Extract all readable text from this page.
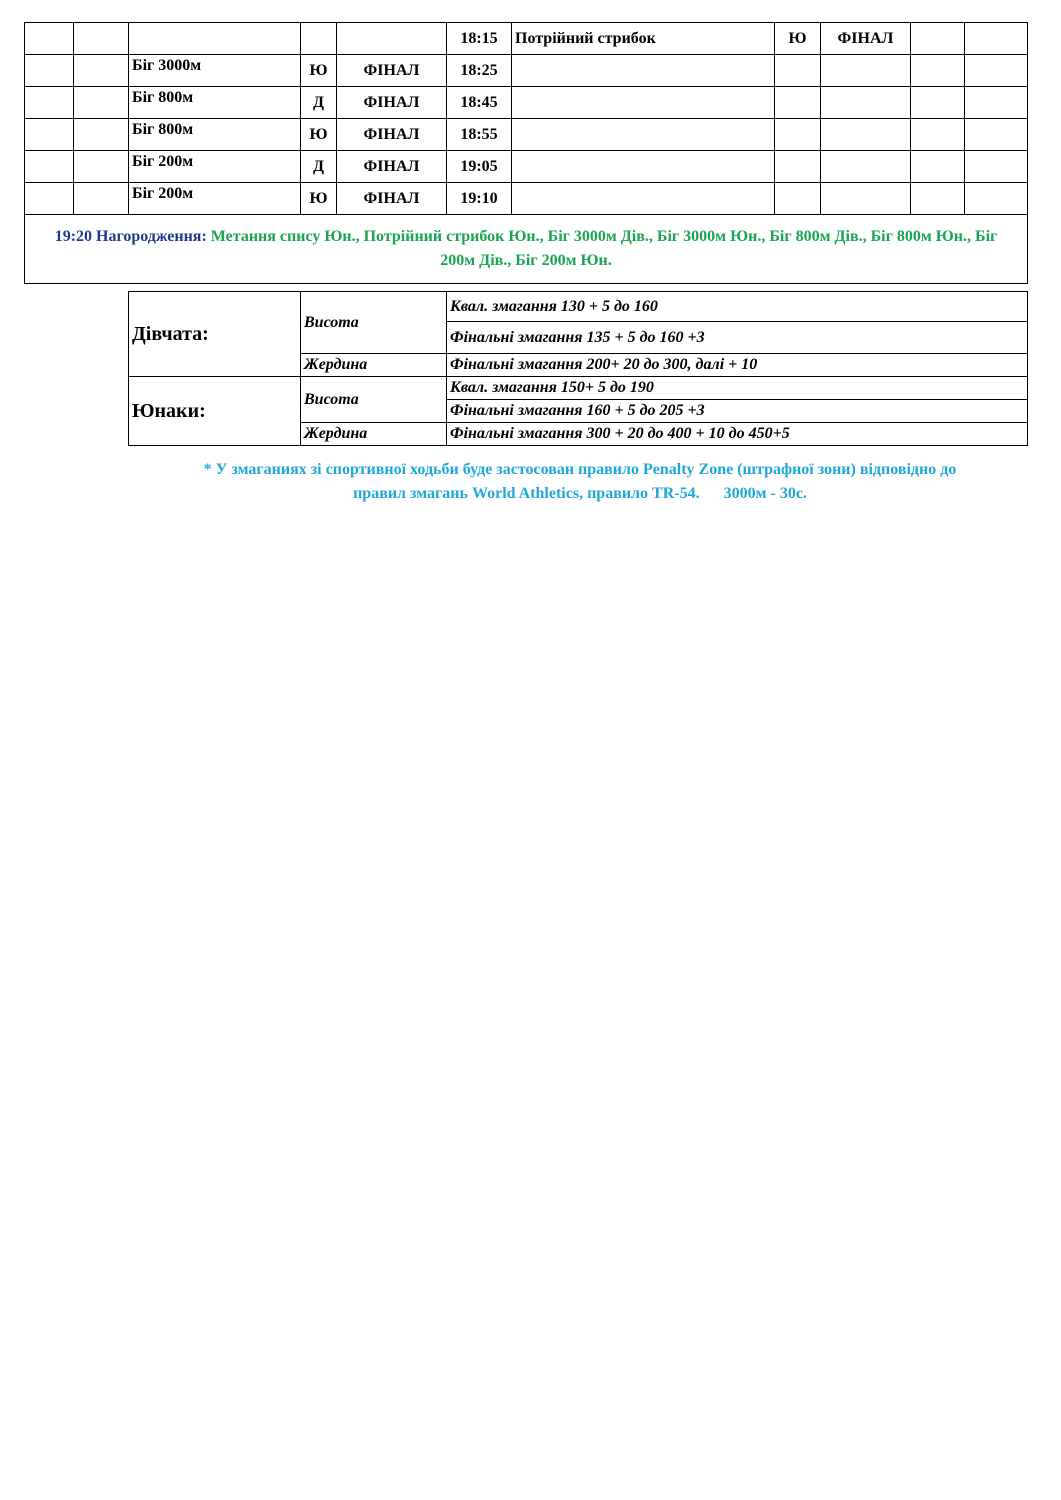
					18:15	Потрійний стрибок	Ю	ФІНАЛ		
		Біг 3000м	Ю	ФІНАЛ	18:25					
		Біг 800м	Д	ФІНАЛ	18:45					
		Біг 800м	Ю	ФІНАЛ	18:55					
		Біг 200м	Д	ФІНАЛ	19:05					
		Біг 200м	Ю	ФІНАЛ	19:10					
19:20 Нагородження: Метання спису Юн., Потрійний стрибок Юн., Біг 3000м Дів., Біг 3000м Юн., Біг 800м Дів., Біг 800м Юн., Біг 200м Дів., Біг 200м Юн.										
Дівчата:	Висота	Квал. змагання 130 + 5 до 160
		Фінальні змагання 135 + 5 до 160 +3
	Жердина	Фінальні змагання 200+ 20 до 300, далі + 10
Юнаки:	Висота	Квал. змагання 150+ 5 до 190
		Фінальні змагання 160 + 5 до 205 +3
	Жердина	Фінальні змагання 300 + 20 до 400 + 10 до 450+5
* У змаганиях зі спортивної ходьби буде застосован правило Penalty Zone (штрафної зони) відповідно до
правил змагань World Athletics, правило TR-54.      3000м - 30с.
